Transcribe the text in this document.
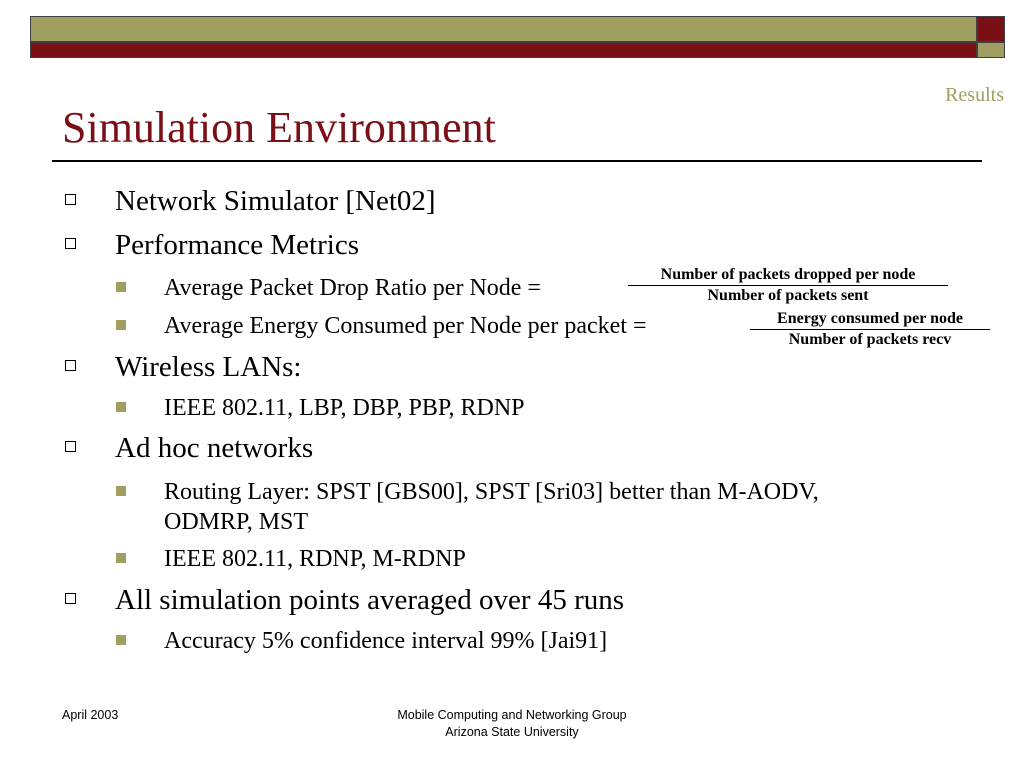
Results
Simulation Environment
Network Simulator [Net02]
Performance Metrics
Average Packet Drop Ratio per Node =
Average Energy Consumed per Node per packet =
Number of packets dropped per node
Number of packets sent
Energy consumed per node
Number of packets recv
Wireless LANs:
IEEE 802.11, LBP, DBP, PBP, RDNP
Ad hoc networks
Routing Layer: SPST [GBS00], SPST [Sri03] better than M-AODV,
ODMRP, MST
IEEE 802.11, RDNP, M-RDNP
All simulation points averaged over 45 runs
Accuracy 5% confidence interval 99% [Jai91]
April 2003	Mobile Computing and Networking Group
Arizona State University
